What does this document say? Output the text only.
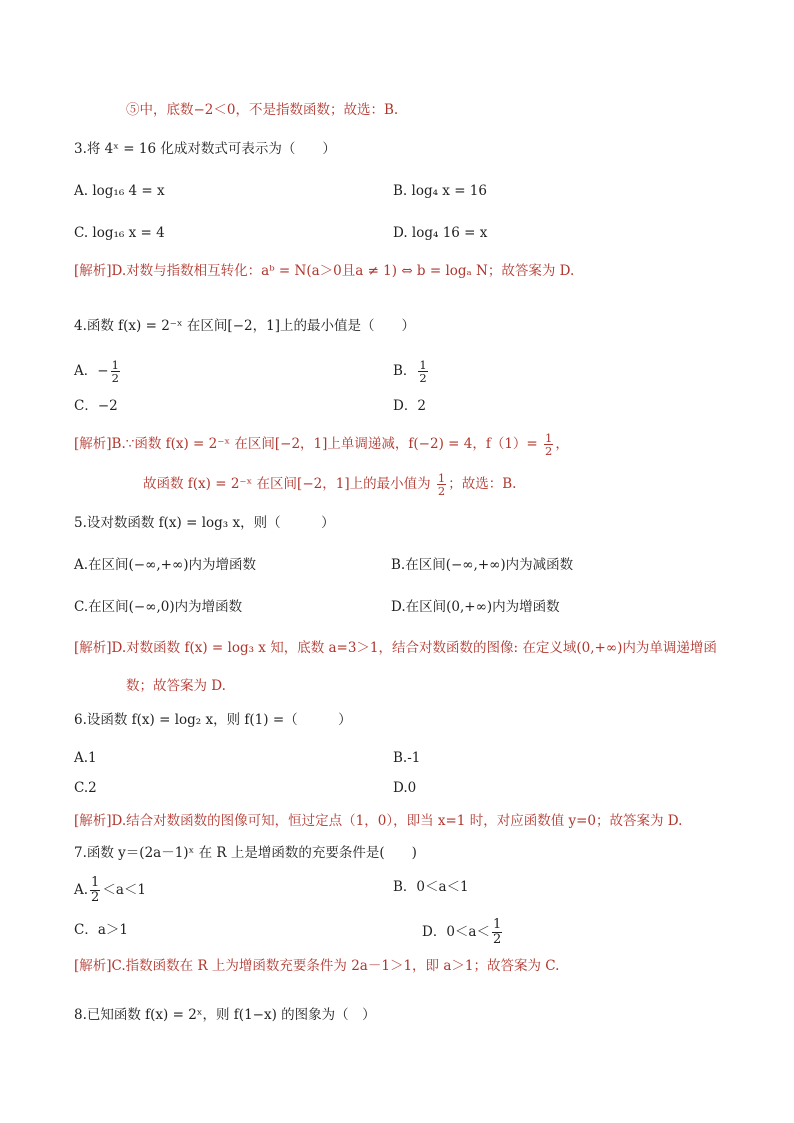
⑤中，底数−2＜0，不是指数函数；故选：B.
3.将 4ˣ = 16 化成对数式可表示为（　　）
A. log₁₆ 4 = x	B. log₄ x = 16
C. log₁₆ x = 4	D. log₄ 16 = x
[解析]D.对数与指数相互转化：aᵇ = N(a＞0且a ≠ 1) ⇔ b = logₐ N；故答案为 D.
4.函数 f(x) = 2⁻ˣ 在区间[−2，1]上的最小值是（　　）
A．− $\frac{1}{2}$	B． $\frac{1}{2}$
C．−2	D．2
[解析]B.∵函数 f(x) = 2⁻ˣ 在区间[−2，1]上单调递减，f(−2) = 4，$f(1)= \frac{1}{2}$ ，
故函数 f(x) = 2⁻ˣ 在区间[−2，1]上的最小值为 $\frac{1}{2}$ ；故选：B.
5.设对数函数 f(x) = log₃ x，则（　　　）
A.在区间(−∞,+∞)内为增函数	B.在区间(−∞,+∞)内为减函数
C.在区间(−∞,0)内为增函数	D.在区间(0,+∞)内为增函数
[解析]D.对数函数 f(x) = log₃ x 知，底数 a=3＞1，结合对数函数的图像: 在定义域(0,+∞)内为单调递增函
数；故答案为 D.
6.设函数 f(x) = log₂ x，则 f(1) =（　　　）
A.1	B.-1
C.2	D.0
[解析]D.结合对数函数的图像可知，恒过定点（1，0），即当 x=1 时，对应函数值 y=0；故答案为 D.
7.函数 y＝(2a－1)ˣ 在 R 上是增函数的充要条件是(　　)
A. $\frac{1}{2} <a<1$	B．0＜a＜1
C．a＞1	D．$0<a< \frac{1}{2}$
[解析]C.指数函数在 R 上为增函数充要条件为 2a－1＞1，即 a＞1；故答案为 C.
8.已知函数 f(x) = 2ˣ，则 f(1−x) 的图象为（　）
